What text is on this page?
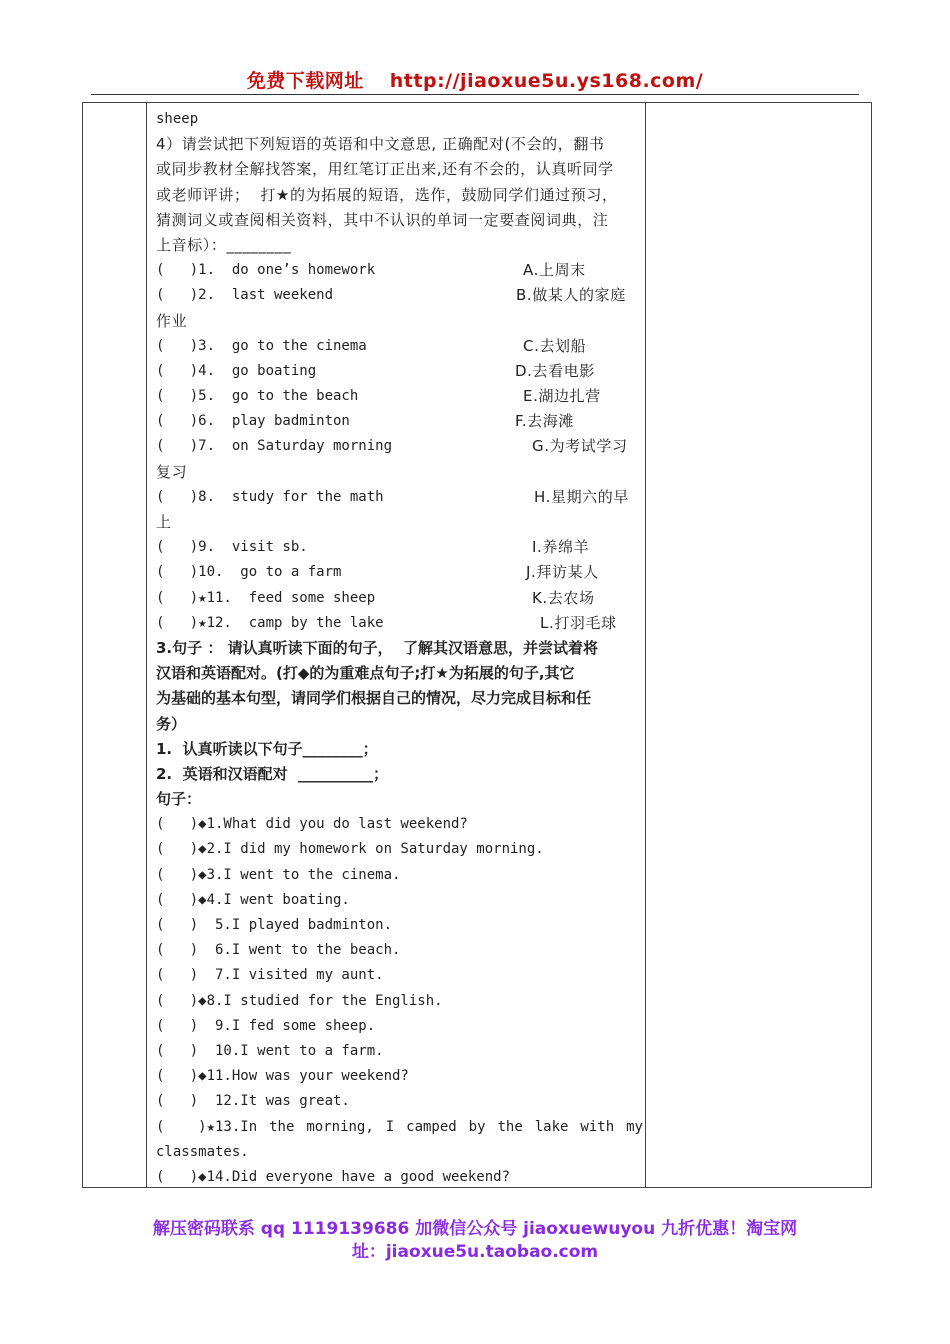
免费下载网址 http://jiaoxue5u.ys168.com/
sheep
4）请尝试把下列短语的英语和中文意思, 正确配对(不会的，翻书
或同步教材全解找答案，用红笔订正出来,还有不会的，认真听同学
或老师评讲；  打★的为拓展的短语，选作，鼓励同学们通过预习，
猜测词义或查阅相关资料，其中不认识的单词一定要查阅词典，注
上音标）：________
(   )1.  do one’s homework	A.上周末
(   )2.  last weekend	B.做某人的家庭
作业
(   )3.  go to the cinema	C.去划船
(   )4.  go boating	D.去看电影
(   )5.  go to the beach	E.湖边扎营
(   )6.  play badminton	F.去海滩
(   )7.  on Saturday morning	G.为考试学习
复习
(   )8.  study for the math	H.星期六的早
上
(   )9.  visit sb.	I.养绵羊
(   )10.  go to a farm	J.拜访某人
(   )★11.  feed some sheep	K.去农场
(   )★12.  camp by the lake	L.打羽毛球
3.句子 ： 请认真听读下面的句子，  了解其汉语意思，并尝试着将
汉语和英语配对。(打◆的为重难点句子;打★为拓展的句子,其它
为基础的基本句型，请同学们根据自己的情况，尽力完成目标和任
务）
1.  认真听读以下句子________；
2.  英语和汉语配对  __________；
句子：
(   )◆1.What did you do last weekend?
(   )◆2.I did my homework on Saturday morning.
(   )◆3.I went to the cinema.
(   )◆4.I went boating.
(   )  5.I played badminton.
(   )  6.I went to the beach.
(   )  7.I visited my aunt.
(   )◆8.I studied for the English.
(   )  9.I fed some sheep.
(   )  10.I went to a farm.
(   )◆11.How was your weekend?
(   )  12.It was great.
(    )★13.In the morning, I camped by the lake with my
classmates.
(   )◆14.Did everyone have a good weekend?
解压密码联系 qq 1119139686 加微信公众号 jiaoxuewuyou 九折优惠！淘宝网
址：jiaoxue5u.taobao.com
